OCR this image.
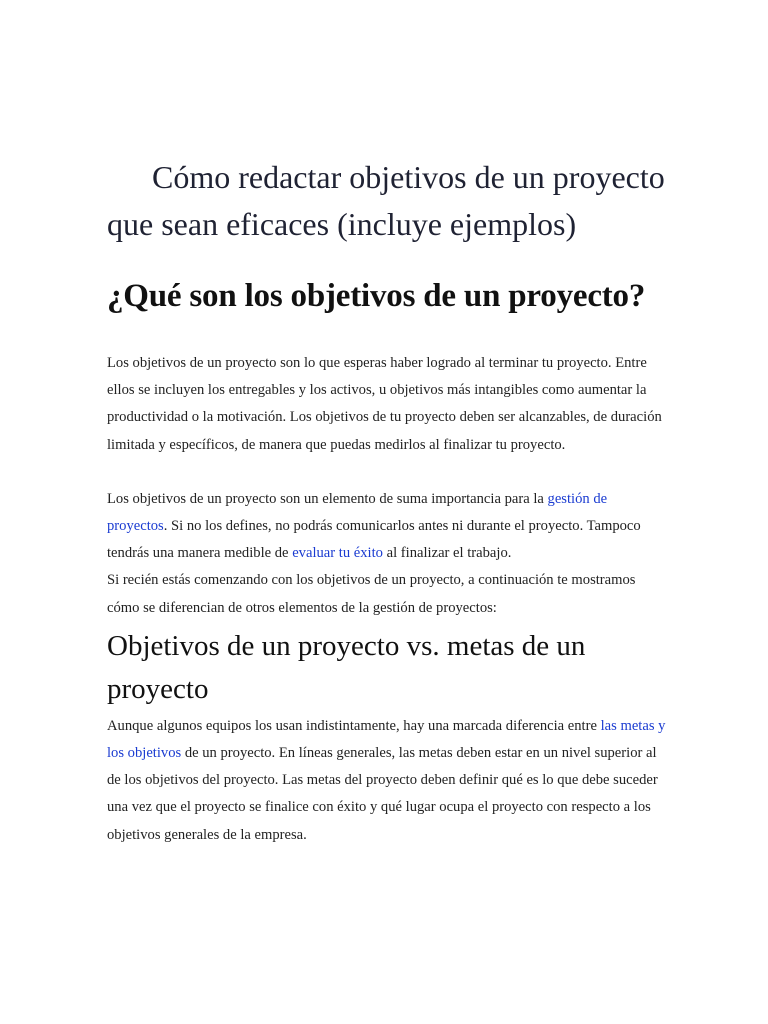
Cómo redactar objetivos de un proyecto que sean eficaces (incluye ejemplos)
¿Qué son los objetivos de un proyecto?

Los objetivos de un proyecto son lo que esperas haber logrado al terminar tu proyecto. Entre ellos se incluyen los entregables y los activos, u objetivos más intangibles como aumentar la productividad o la motivación. Los objetivos de tu proyecto deben ser alcanzables, de duración limitada y específicos, de manera que puedas medirlos al finalizar tu proyecto.

Los objetivos de un proyecto son un elemento de suma importancia para la gestión de proyectos. Si no los defines, no podrás comunicarlos antes ni durante el proyecto. Tampoco tendrás una manera medible de evaluar tu éxito al finalizar el trabajo.

Si recién estás comenzando con los objetivos de un proyecto, a continuación te mostramos cómo se diferencian de otros elementos de la gestión de proyectos:

Objetivos de un proyecto vs. metas de un proyecto

Aunque algunos equipos los usan indistintamente, hay una marcada diferencia entre las metas y los objetivos de un proyecto. En líneas generales, las metas deben estar en un nivel superior al de los objetivos del proyecto. Las metas del proyecto deben definir qué es lo que debe suceder una vez que el proyecto se finalice con éxito y qué lugar ocupa el proyecto con respecto a los objetivos generales de la empresa.
